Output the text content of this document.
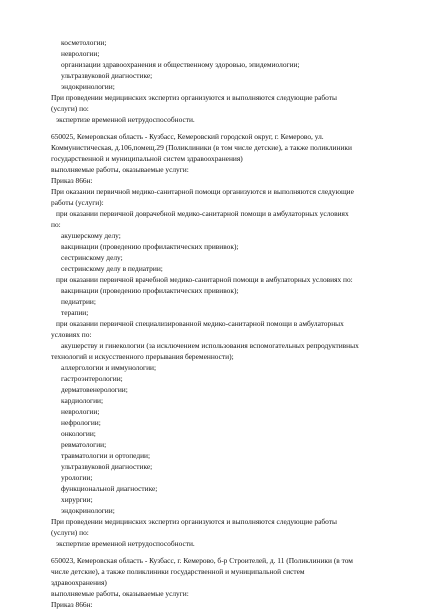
косметологии;
неврологии;
организации здравоохранения и общественному здоровью, эпидемиологии;
ультразвуковой диагностике;
эндокринологии;
При проведении медицинских экспертиз организуются и выполняются следующие работы
(услуги) по:
экспертизе временной нетрудоспособности.
650025, Кемеровская область - Кузбасс, Кемеровский городской округ, г. Кемерово, ул.
Коммунистическая, д.106,помещ.29 (Поликлиники (в том числе детские), а также поликлиники
государственной и муниципальной систем здравоохранения)
выполняемые работы, оказываемые услуги:
Приказ 866н:
При оказании первичной медико-санитарной помощи организуются и выполняются следующие
работы (услуги):
при оказании первичной доврачебной медико-санитарной помощи в амбулаторных условиях
по:
акушерскому делу;
вакцинации (проведению профилактических прививок);
сестринскому делу;
сестринскому делу в педиатрии;
при оказании первичной врачебной медико-санитарной помощи в амбулаторных условиях по:
вакцинации (проведению профилактических прививок);
педиатрии;
терапии;
при оказании первичной специализированной медико-санитарной помощи в амбулаторных
условиях по:
акушерству и гинекологии (за исключением использования вспомогательных репродуктивных
технологий и искусственного прерывания беременности);
аллергологии и иммунологии;
гастроэнтерологии;
дерматовенерологии;
кардиологии;
неврологии;
нефрологии;
онкологии;
ревматологии;
травматологии и ортопедии;
ультразвуковой диагностике;
урологии;
функциональной диагностике;
хирургии;
эндокринологии;
При проведении медицинских экспертиз организуются и выполняются следующие работы
(услуги) по:
экспертизе временной нетрудоспособности.
650023, Кемеровская область - Кузбасс, г. Кемерово, б-р Строителей, д. 11 (Поликлиники (в том
числе детские), а также поликлиники государственной и муниципальной систем
здравоохранения)
выполняемые работы, оказываемые услуги:
Приказ 866н:
